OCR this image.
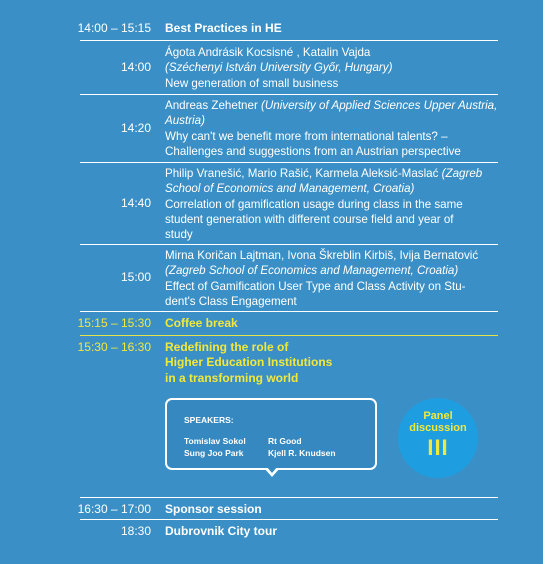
14:00 – 15:15 Best Practices in HE
14:00
Ágota Andrásik Kocsisné , Katalin Vajda
(Széchenyi István University Győr, Hungary)
New generation of small business
14:20
Andreas Zehetner (University of Applied Sciences Upper Austria,
Austria)
Why can't we benefit more from international talents? –
Challenges and suggestions from an Austrian perspective
14:40
Philip Vranešić, Mario Rašić, Karmela Aleksić-Maslać (Zagreb
School of Economics and Management, Croatia)
Correlation of gamification usage during class in the same
student generation with different course field and year of
study
15:00
Mirna Koričan Lajtman, Ivona Škreblin Kirbiš, Ivija Bernatović
(Zagreb School of Economics and Management, Croatia)
Effect of Gamification User Type and Class Activity on Stu-
dent's Class Engagement
15:15 – 15:30 Coffee break
15:30 – 16:30 Redefining the role of
Higher Education Institutions
in a transforming world
SPEAKERS:
Tomislav Sokol	Rt Good
Sung Joo Park	Kjell R. Knudsen
Panel
discussion
III
16:30 – 17:00 Sponsor session
18:30 Dubrovnik City tour
